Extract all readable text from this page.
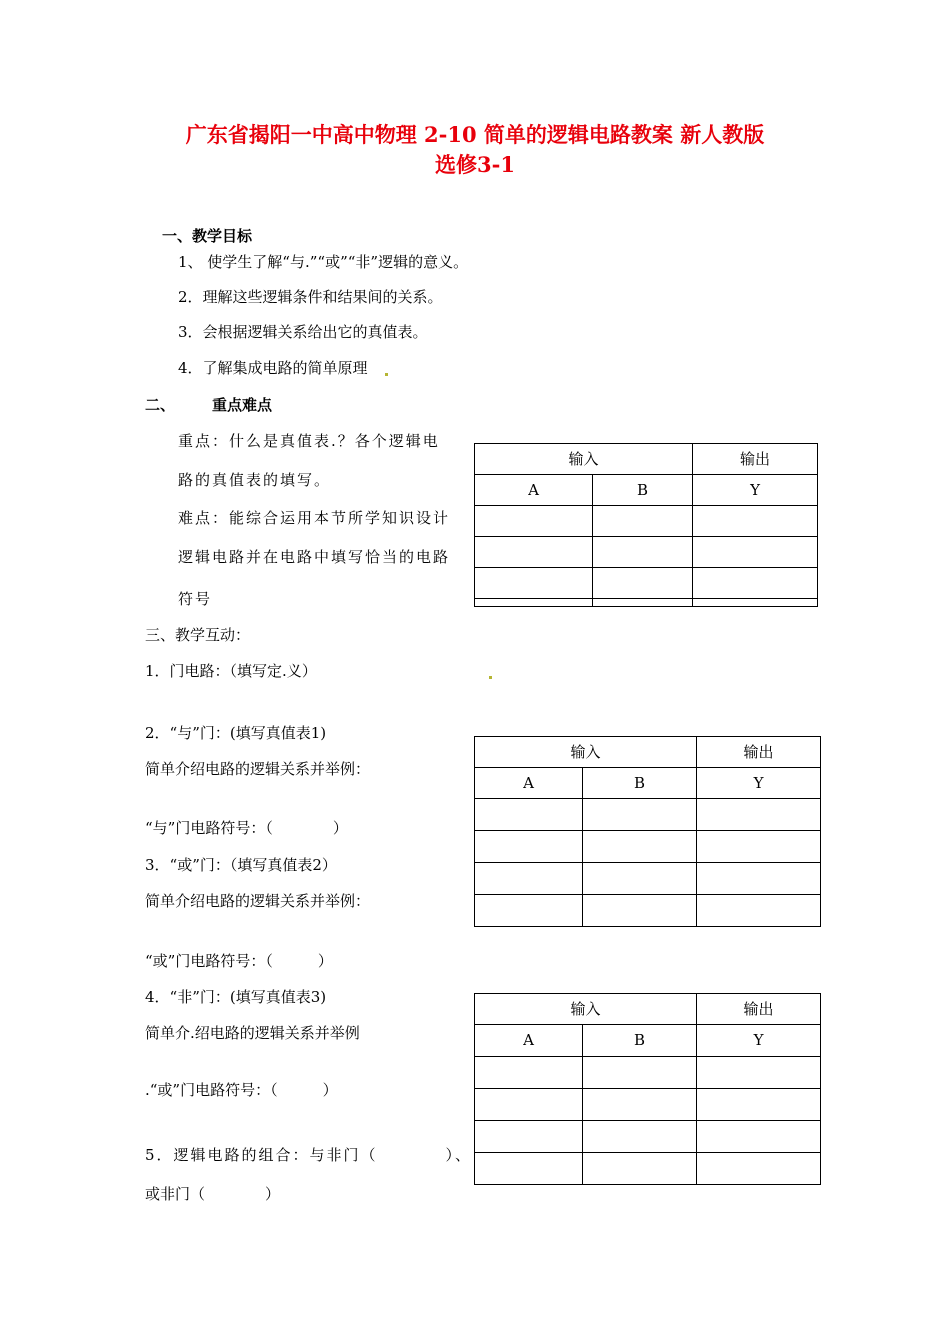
广东省揭阳一中高中物理 2-10 简单的逻辑电路教案 新人教版
选修3-1
一、教学目标
1、 使学生了解“与.”“或”“非”逻辑的意义。
2．理解这些逻辑条件和结果间的关系。
3．会根据逻辑关系给出它的真值表。
4．了解集成电路的简单原理
二、 重点难点
重点：什么是真值表.？各个逻辑电
路的真值表的填写。
难点：能综合运用本节所学知识设计
逻辑电路并在电路中填写恰当的电路
符号
输入		输出
A	B	Y

三、教学互动：
1．门电路：（填写定.义）
2．“与”门：(填写真值表1)
简单介绍电路的逻辑关系并举例：
“与”门电路符号：（　　　　）
3．“或”门：（填写真值表2）
简单介绍电路的逻辑关系并举例：
“或”门电路符号：（　　　）
4．“非”门：(填写真值表3)
简单介.绍电路的逻辑关系并举例
.“或”门电路符号：（　　　）
5．逻辑电路的组合：与非门（　　　　）、
或非门（　　　　）
输入		输出
A	B	Y

输入		输出
A	B	Y
